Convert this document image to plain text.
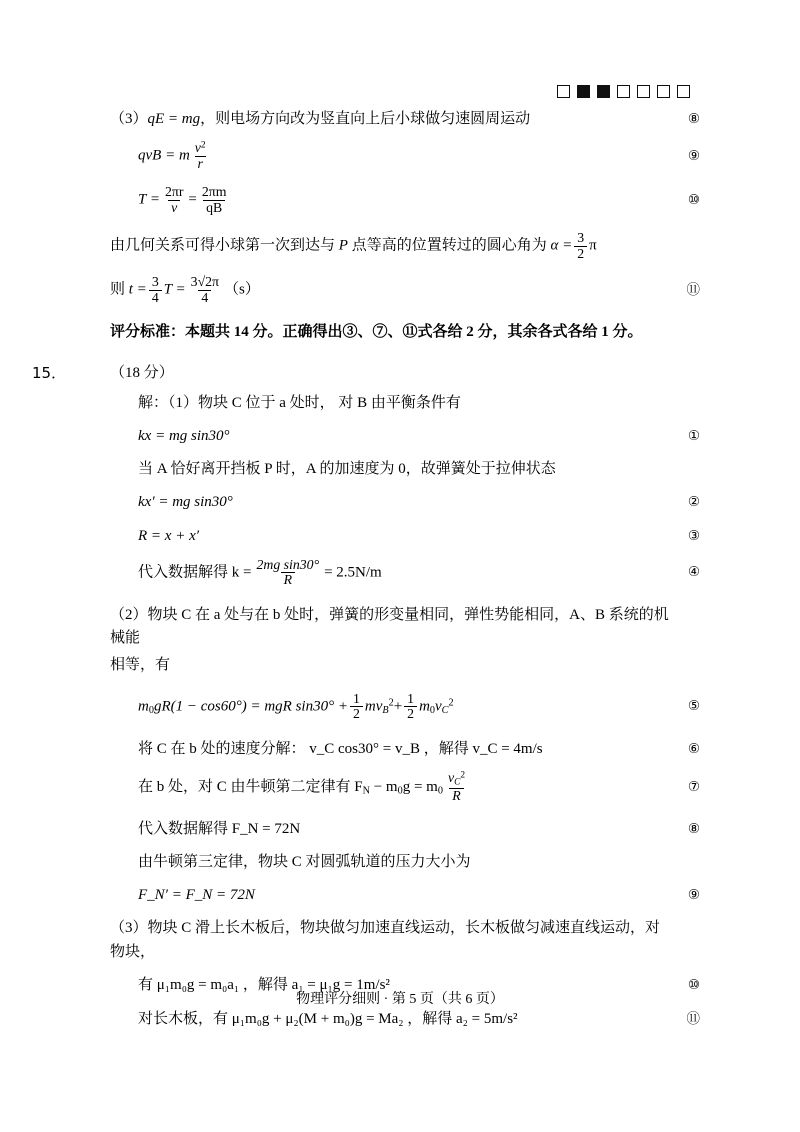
（3）qE = mg，则电场方向改为竖直向上后小球做匀速圆周运动	⑧
qvB = m $\frac{v^2}{r}$	⑨
$T = \frac{2\pi r}{v} = \frac{2\pi m}{qB}$	⑩
由几何关系可得小球第一次到达与 P 点等高的位置转过的圆心角为 $\alpha = \frac{3}{2}$ π
则 $t = \frac{3}{4}$ $T = \frac{3√2\pi}{4} (s)$	⑪
评分标准：本题共 14 分。正确得出③、⑦、⑪式各给 2 分，其余各式各给 1 分。
15．	（18 分）
解：（1）物块 C 位于 a 处时， 对 B 由平衡条件有
kx = mg sin30°	①
当 A 恰好离开挡板 P 时，A 的加速度为 0，故弹簧处于拉伸状态
kx′ = mg sin30°	②
R = x + x′	③
代入数据解得 $k = \frac{\text{2mg sin30°}}{R} = 2.5N/m$	④
（2）物块 C 在 a 处与在 b 处时，弹簧的形变量相同，弹性势能相同，A、B 系统的机械能
相等，有
$m_0gR(1 - \cos 60^\circ)$ = mgR $\sin 30^\circ + \frac{1}{2} mv_B^2+ \frac{1}{2} m_0v_C^2$	⑤
将 C 在 b 处的速度分解： v_C cos30° = v_B ，解得 v_C = 4m/s	⑥
在 b 处，对 C 由牛顿第二定律有 $F_N - m_0g = m_0 \frac{v_C^2}{R}$	⑦
代入数据解得 F_N = 72N	⑧
由牛顿第三定律，物块 C 对圆弧轨道的压力大小为
F_N′ = F_N = 72N	⑨
（3）物块 C 滑上长木板后，物块做匀加速直线运动，长木板做匀减速直线运动，对物块，
有 μ₁m₀g = m₀a₁ ，解得 a₁ = μ₁g = 1m/s²	⑩
对长木板，有 μ₁m₀g + μ₂(M + m₀)g = Ma₂ ，解得 a₂ = 5m/s²	⑪
物理评分细则 · 第 5 页（共 6 页）
